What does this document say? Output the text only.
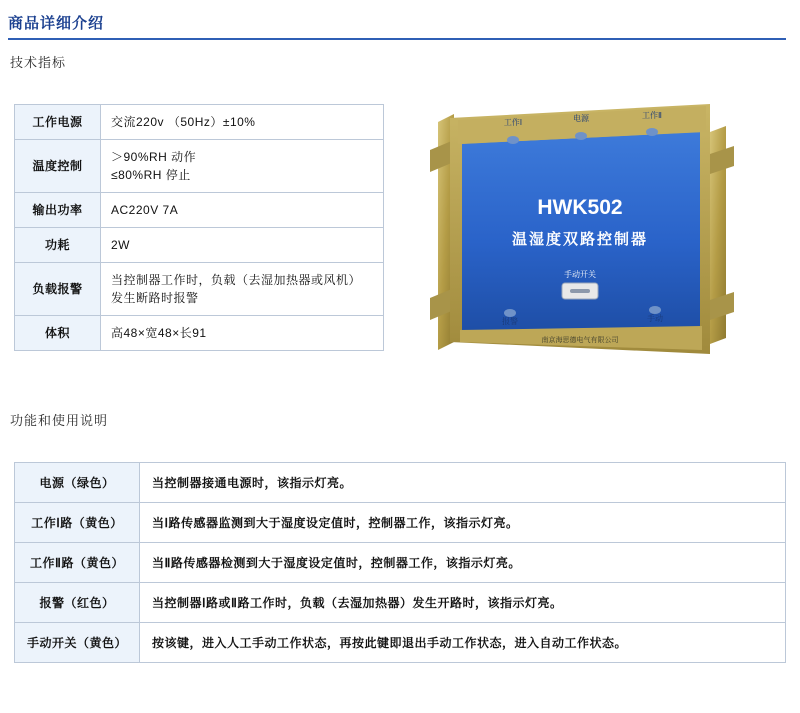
商品详细介绍
技术指标
工作电源	交流220v （50Hz）±10%

温度控制	＞90%RH 动作
≤80%RH 停止

输出功率	AC220V 7A

功耗	2W

负载报警	当控制器工作时，负载（去湿加热器或风机）
发生断路时报警

体积	高48×宽48×长91
工作Ⅰ	电源	工作Ⅱ
HWK502
温湿度双路控制器
手动开关
报警	手动
南京海思德电气有限公司
功能和使用说明
电源（绿色）	当控制器接通电源时，该指示灯亮。
工作Ⅰ路（黄色）	当Ⅰ路传感器监测到大于湿度设定值时，控制器工作，该指示灯亮。
工作Ⅱ路（黄色）	当Ⅱ路传感器检测到大于湿度设定值时，控制器工作，该指示灯亮。
报警（红色）	当控制器Ⅰ路或Ⅱ路工作时，负载（去湿加热器）发生开路时，该指示灯亮。
手动开关（黄色）	按该键，进入人工手动工作状态，再按此键即退出手动工作状态，进入自动工作状态。
